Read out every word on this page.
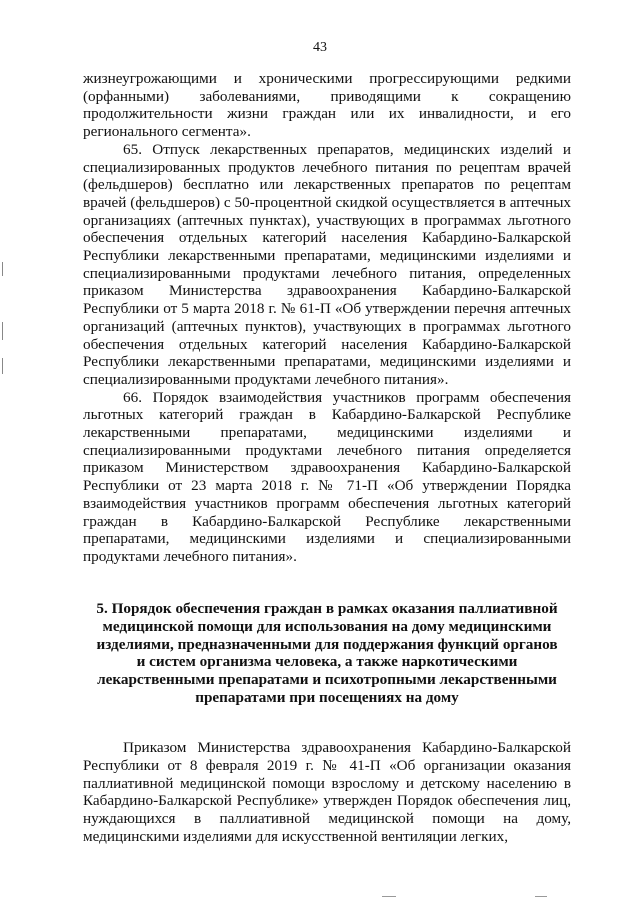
43

жизнеугрожающими и хроническими прогрессирующими редкими (орфанными) заболеваниями, приводящими к сокращению продолжительности жизни граждан или их инвалидности, и его регионального сегмента».

65. Отпуск лекарственных препаратов, медицинских изделий и специализированных продуктов лечебного питания по рецептам врачей (фельдшеров) бесплатно или лекарственных препаратов по рецептам врачей (фельдшеров) с 50-процентной скидкой осуществляется в аптечных организациях (аптечных пунктах), участвующих в программах льготного обеспечения отдельных категорий населения Кабардино-Балкарской Республики лекарственными препаратами, медицинскими изделиями и специализированными продуктами лечебного питания, определенных приказом Министерства здравоохранения Кабардино-Балкарской Республики от 5 марта 2018 г. № 61-П «Об утверждении перечня аптечных организаций (аптечных пунктов), участвующих в программах льготного обеспечения отдельных категорий населения Кабардино-Балкарской Республики лекарственными препаратами, медицинскими изделиями и специализированными продуктами лечебного питания».

66. Порядок взаимодействия участников программ обеспечения льготных категорий граждан в Кабардино-Балкарской Республике лекарственными препаратами, медицинскими изделиями и специализированными продуктами лечебного питания определяется приказом Министерством здравоохранения Кабардино-Балкарской Республики от 23 марта 2018 г. № 71-П «Об утверждении Порядка взаимодействия участников программ обеспечения льготных категорий граждан в Кабардино-Балкарской Республике лекарственными препаратами, медицинскими изделиями и специализированными продуктами лечебного питания».

5. Порядок обеспечения граждан в рамках оказания паллиативной
медицинской помощи для использования на дому медицинскими
изделиями, предназначенными для поддержания функций органов
и систем организма человека, а также наркотическими
лекарственными препаратами и психотропными лекарственными
препаратами при посещениях на дому

Приказом Министерства здравоохранения Кабардино-Балкарской Республики от 8 февраля 2019 г. № 41-П «Об организации оказания паллиативной медицинской помощи взрослому и детскому населению в Кабардино-Балкарской Республике» утвержден Порядок обеспечения лиц, нуждающихся в паллиативной медицинской помощи на дому, медицинскими изделиями для искусственной вентиляции легких,
